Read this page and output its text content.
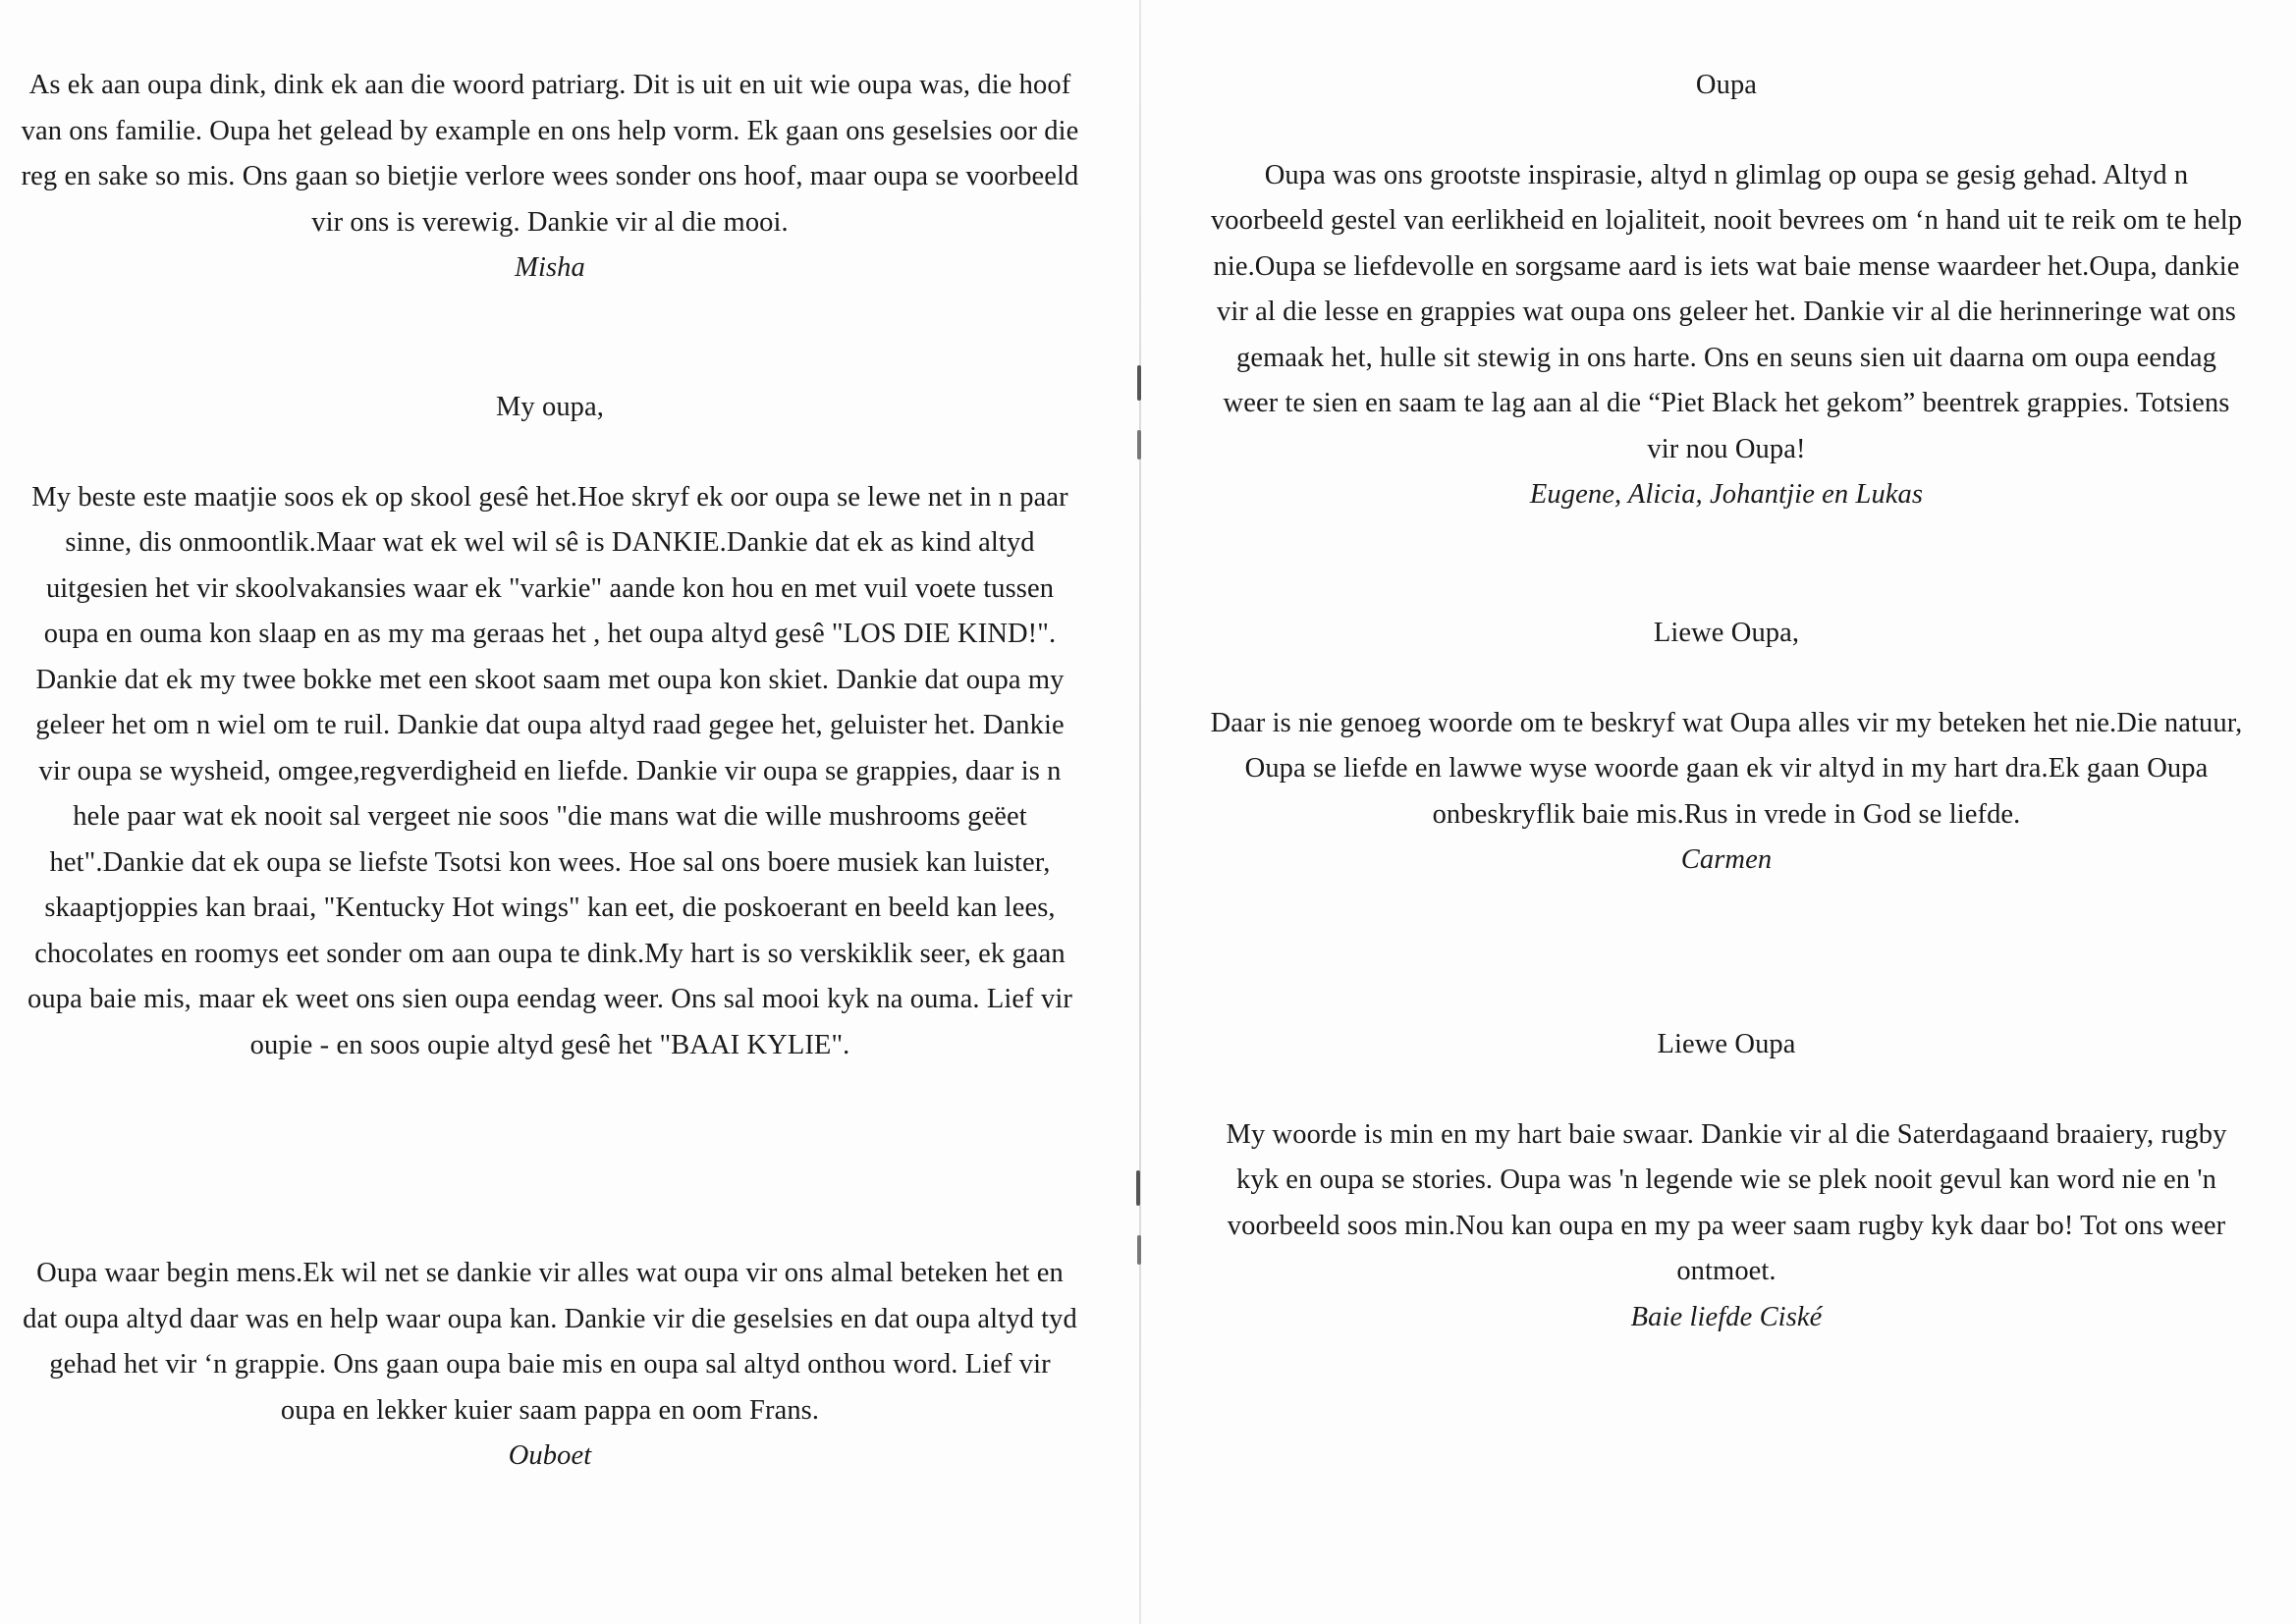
As ek aan oupa dink, dink ek aan die woord patriarg. Dit is uit en uit wie oupa was, die hoof van ons familie. Oupa het gelead by example en ons help vorm. Ek gaan ons geselsies oor die reg en sake so mis. Ons gaan so bietjie verlore wees sonder ons hoof, maar oupa se voorbeeld vir ons is verewig. Dankie vir al die mooi.

Misha

My oupa,

My beste este maatjie soos ek op skool gesê het.Hoe skryf ek oor oupa se lewe net in n paar sinne, dis onmoontlik.Maar wat ek wel wil sê is DANKIE.Dankie dat ek as kind altyd uitgesien het vir skoolvakansies waar ek "varkie" aande kon hou en met vuil voete tussen oupa en ouma kon slaap en as my ma geraas het , het oupa altyd gesê "LOS DIE KIND!". Dankie dat ek my twee bokke met een skoot saam met oupa kon skiet. Dankie dat oupa my geleer het om n wiel om te ruil. Dankie dat oupa altyd raad gegee het, geluister het. Dankie vir oupa se wysheid, omgee,regverdigheid en liefde. Dankie vir oupa se grappies, daar is n hele paar wat ek nooit sal vergeet nie soos "die mans wat die wille mushrooms geëet het".Dankie dat ek oupa se liefste Tsotsi kon wees. Hoe sal ons boere musiek kan luister, skaaptjoppies kan braai, "Kentucky Hot wings" kan eet, die poskoerant en beeld kan lees, chocolates en roomys eet sonder om aan oupa te dink.My hart is so verskiklik seer, ek gaan oupa baie mis, maar ek weet ons sien oupa eendag weer. Ons sal mooi kyk na ouma. Lief vir oupie - en soos oupie altyd gesê het "BAAI KYLIE".

Oupa waar begin mens.Ek wil net se dankie vir alles wat oupa vir ons almal beteken het en dat oupa altyd daar was en help waar oupa kan. Dankie vir die geselsies en dat oupa altyd tyd gehad het vir ‘n grappie. Ons gaan oupa baie mis en oupa sal altyd onthou word. Lief vir oupa en lekker kuier saam pappa en oom Frans.

Ouboet

Oupa

Oupa was ons grootste inspirasie, altyd n glimlag op oupa se gesig gehad. Altyd n voorbeeld gestel van eerlikheid en lojaliteit, nooit bevrees om ‘n hand uit te reik om te help nie.Oupa se liefdevolle en sorgsame aard is iets wat baie mense waardeer het.Oupa, dankie vir al die lesse en grappies wat oupa ons geleer het. Dankie vir al die herinneringe wat ons gemaak het, hulle sit stewig in ons harte. Ons en seuns sien uit daarna om oupa eendag weer te sien en saam te lag aan al die “Piet Black het gekom” beentrek grappies. Totsiens vir nou Oupa!

Eugene, Alicia, Johantjie en Lukas

Liewe Oupa,

Daar is nie genoeg woorde om te beskryf wat Oupa alles vir my beteken het nie.Die natuur, Oupa se liefde en lawwe wyse woorde gaan ek vir altyd in my hart dra.Ek gaan Oupa onbeskryflik baie mis.Rus in vrede in God se liefde.

Carmen

Liewe Oupa

My woorde is min en my hart baie swaar. Dankie vir al die Saterdagaand braaiery, rugby kyk en oupa se stories. Oupa was 'n legende wie se plek nooit gevul kan word nie en 'n voorbeeld soos min.Nou kan oupa en my pa weer saam rugby kyk daar bo! Tot ons weer ontmoet.

Baie liefde Ciské
